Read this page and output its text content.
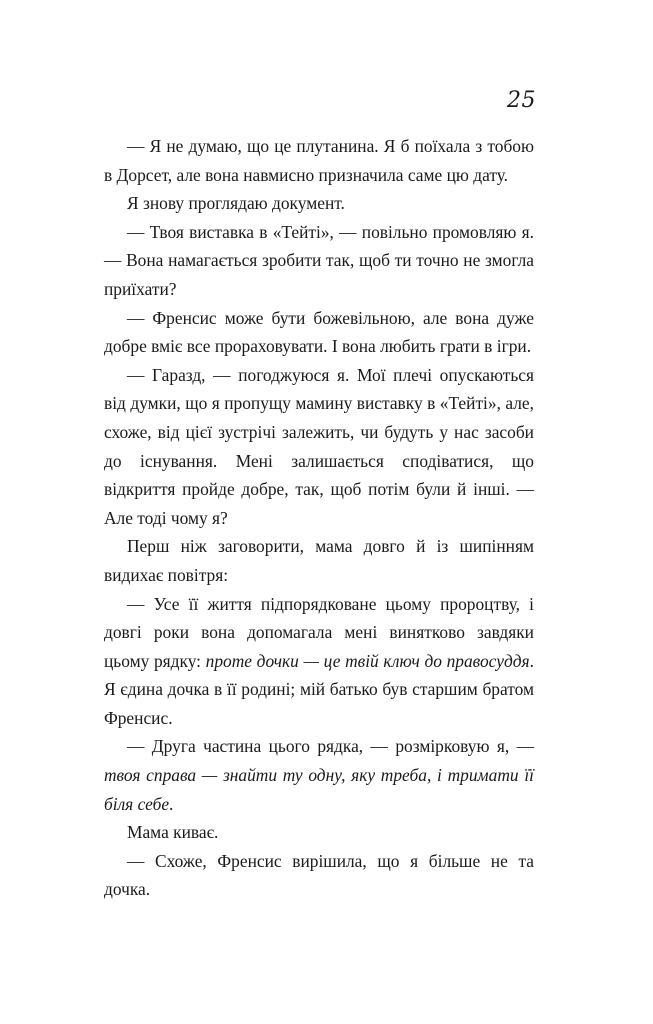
25

— Я не думаю, що це плутанина. Я б поїхала з тобою в Дорсет, але вона навмисно призначила саме цю дату.

Я знову проглядаю документ.

— Твоя виставка в «Тейті», — повільно промовляю я. — Вона намагається зробити так, щоб ти точно не змогла приїхати?

— Френсис може бути божевільною, але вона дуже добре вміє все прораховувати. І вона любить грати в ігри.

— Гаразд, — погоджуюся я. Мої плечі опускаються від думки, що я пропущу мамину виставку в «Тейті», але, схоже, від цієї зустрічі залежить, чи будуть у нас засоби до існування. Мені залишається сподіватися, що відкриття пройде добре, так, щоб потім були й інші. — Але тоді чому я?

Перш ніж заговорити, мама довго й із шипінням видихає повітря:

— Усе її життя підпорядковане цьому пророцтву, і довгі роки вона допомагала мені винятково завдяки цьому рядку: проте дочки — це твій ключ до правосуддя. Я єдина дочка в її родині; мій батько був старшим братом Френсис.

— Друга частина цього рядка, — розмірковую я, — твоя справа — знайти ту одну, яку треба, і тримати її біля себе.

Мама киває.

— Схоже, Френсис вирішила, що я більше не та дочка.
